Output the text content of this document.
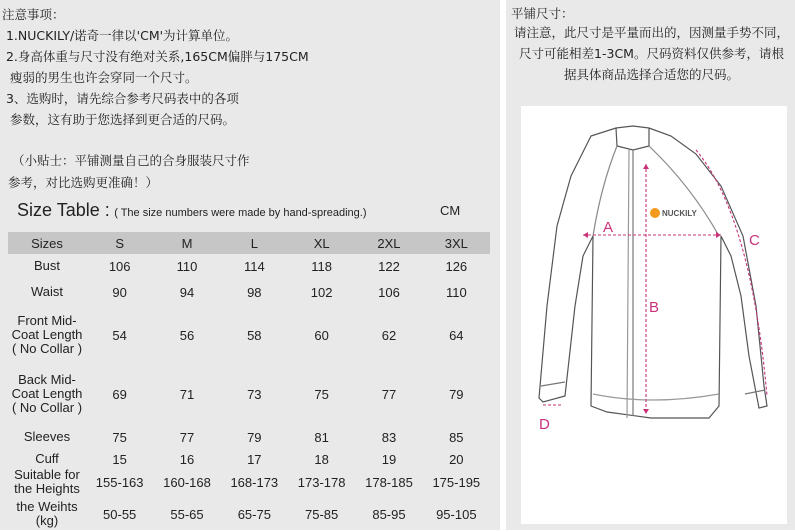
注意事项：
1.NUCKILY/诺奇一律以'CM'为计算单位。
2.身高体重与尺寸没有绝对关系,165CM偏胖与175CM
瘦弱的男生也许会穿同一个尺寸。
3、选购时，请先综合参考尺码表中的各项
参数，这有助于您选择到更合适的尺码。
（小贴士：平铺测量自己的合身服装尺寸作
参考，对比选购更准确！）
Size Table : ( The size numbers were made by hand-spreading.)	CM
Sizes	S	M	L	XL	2XL	3XL
Bust	106	110	114	118	122	126
Waist	90	94	98	102	106	110
Front Mid-Coat Length ( No Collar )	54	56	58	60	62	64
Back Mid-Coat Length ( No Collar )	69	71	73	75	77	79
Sleeves	75	77	79	81	83	85
Cuff	15	16	17	18	19	20
Suitable for the Heights	155-163	160-168	168-173	173-178	178-185	175-195
the Weihts (kg)	50-55	55-65	65-75	75-85	85-95	95-105
平铺尺寸：
请注意，此尺寸是平量而出的，因测量手势不同，尺寸可能相差1-3CM。尺码资料仅供参考，请根据具体商品选择合适您的尺码。
NUCKILY
A
B
C
D
